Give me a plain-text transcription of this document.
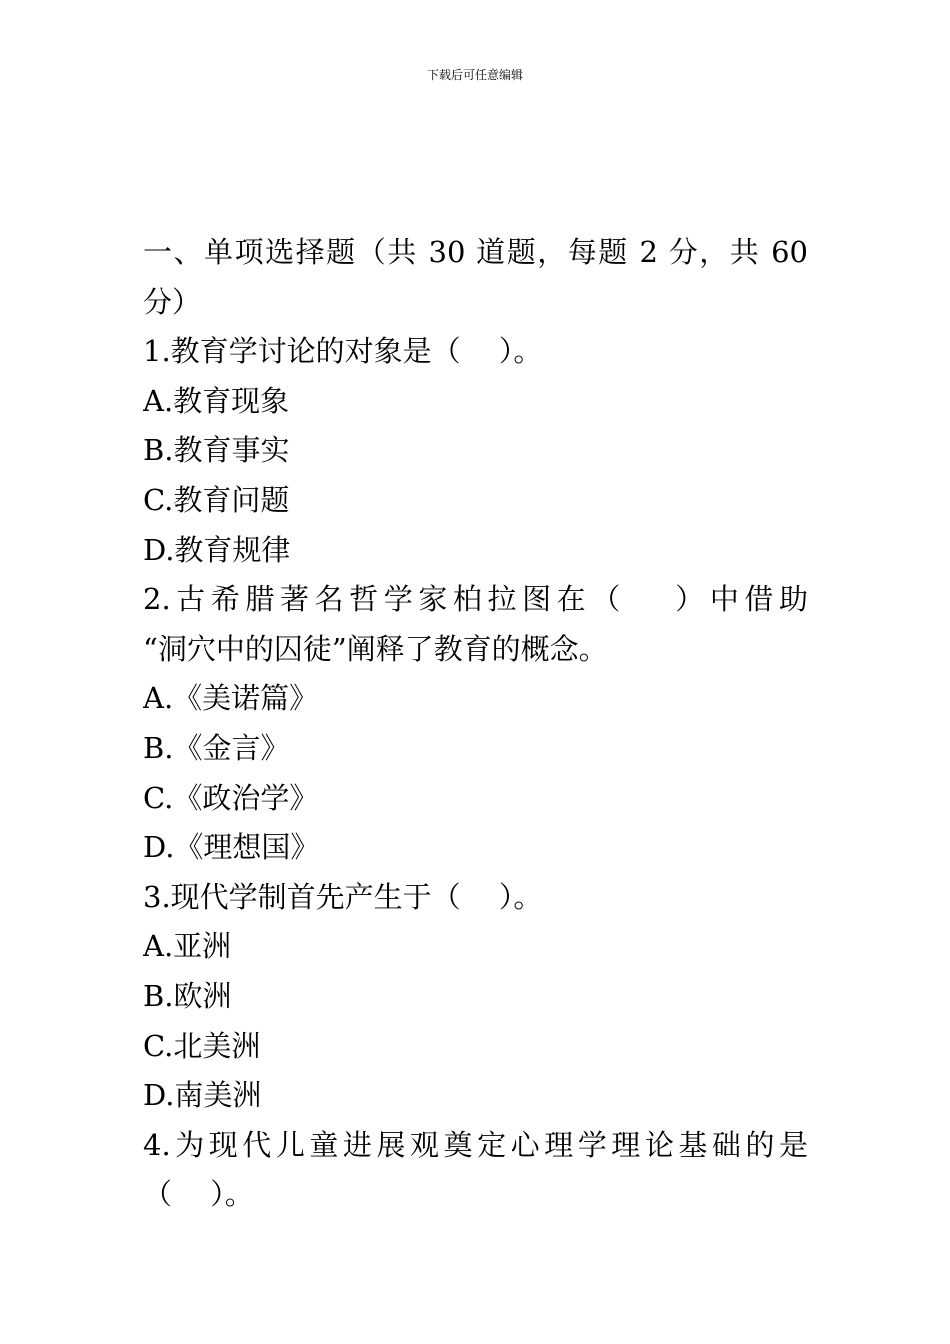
下载后可任意编辑
一、单项选择题（共 30 道题，每题 2 分，共 60
分）
1.教育学讨论的对象是（　 ）。
A.教育现象
B.教育事实
C.教育问题
D.教育规律
2.古希腊著名哲学家柏拉图在（　 ）中借助
“洞穴中的囚徒”阐释了教育的概念。
A.《美诺篇》
B.《金言》
C.《政治学》
D.《理想国》
3.现代学制首先产生于（　 ）。
A.亚洲
B.欧洲
C.北美洲
D.南美洲
4.为现代儿童进展观奠定心理学理论基础的是
（　 ）。
